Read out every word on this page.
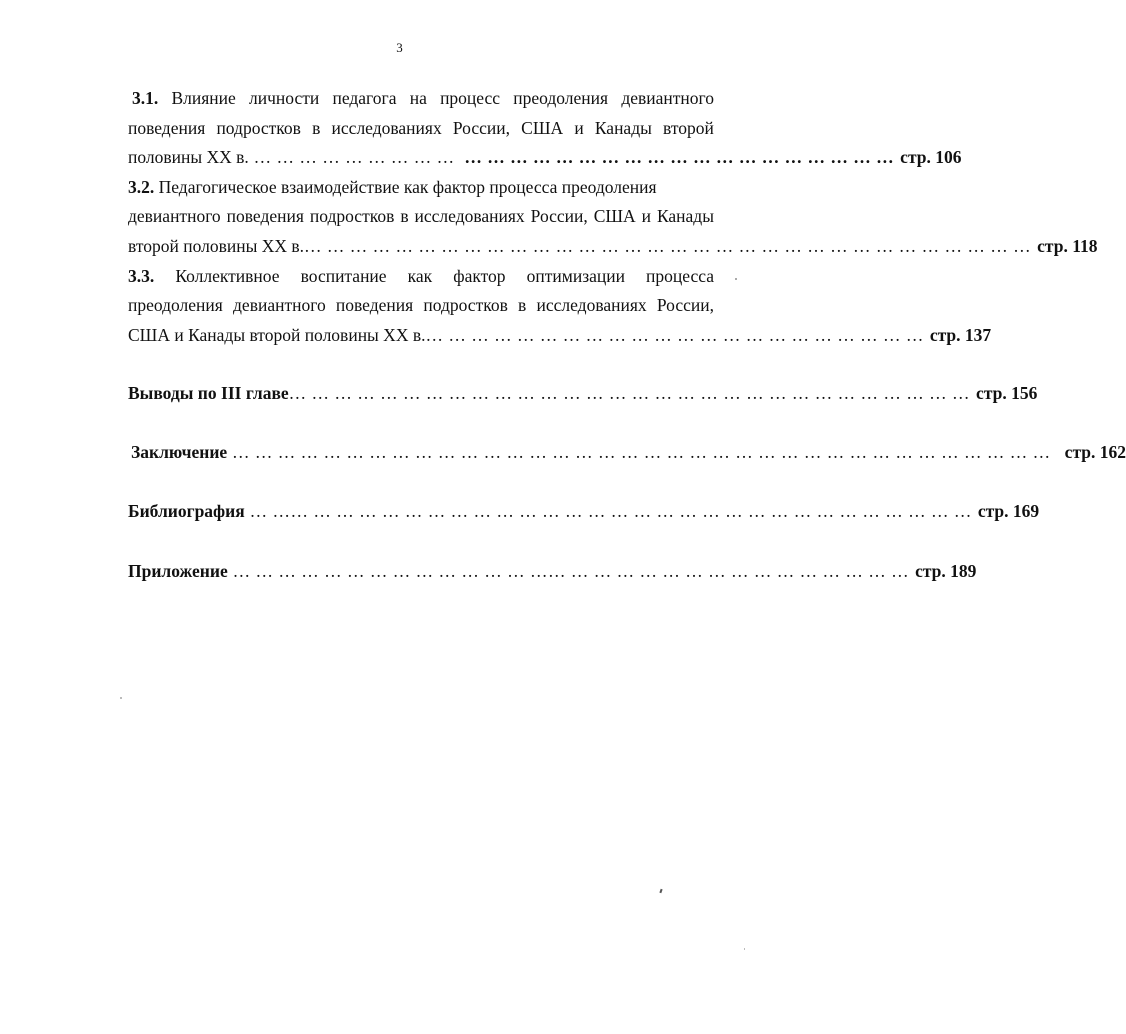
3
3.1. Влияние личности педагога на процесс преодоления девиантного
поведения подростков в исследованиях России, США и Канады второй
половины ХХ в. … … … … … … … … …  … … … … … … … … … … … … … … … … … … … стр. 106
3.2. Педагогическое взаимодействие как фактор процесса преодоления
девиантного поведения подростков в исследованиях России, США и Канады
второй половины ХХ в. … … … … … … … … … … … … … … … … … … … … … … … … … … … … … … … … стр. 118
3.3. Коллективное воспитание как фактор оптимизации процесса
преодоления девиантного поведения подростков в исследованиях России,
США и Канады второй половины ХХ в. … … … … … … … … … … … … … … … … … … … … … … стр. 137
Выводы по III главе … … … … … … … … … … … … … … … … … … … … … … … … … … … … … … стр. 156
Заключение … … … … … … … … … … … … … … … … … … … … … … … … … … … … … … … … … … … … стр. 162
Библиография … …… … … … … … … … … … … … … … … … … … … … … … … … … … … … … … стр. 169
Приложение … … … … … … … … … … … … … …… … … … … … … … … … … … … … … … стр. 189
